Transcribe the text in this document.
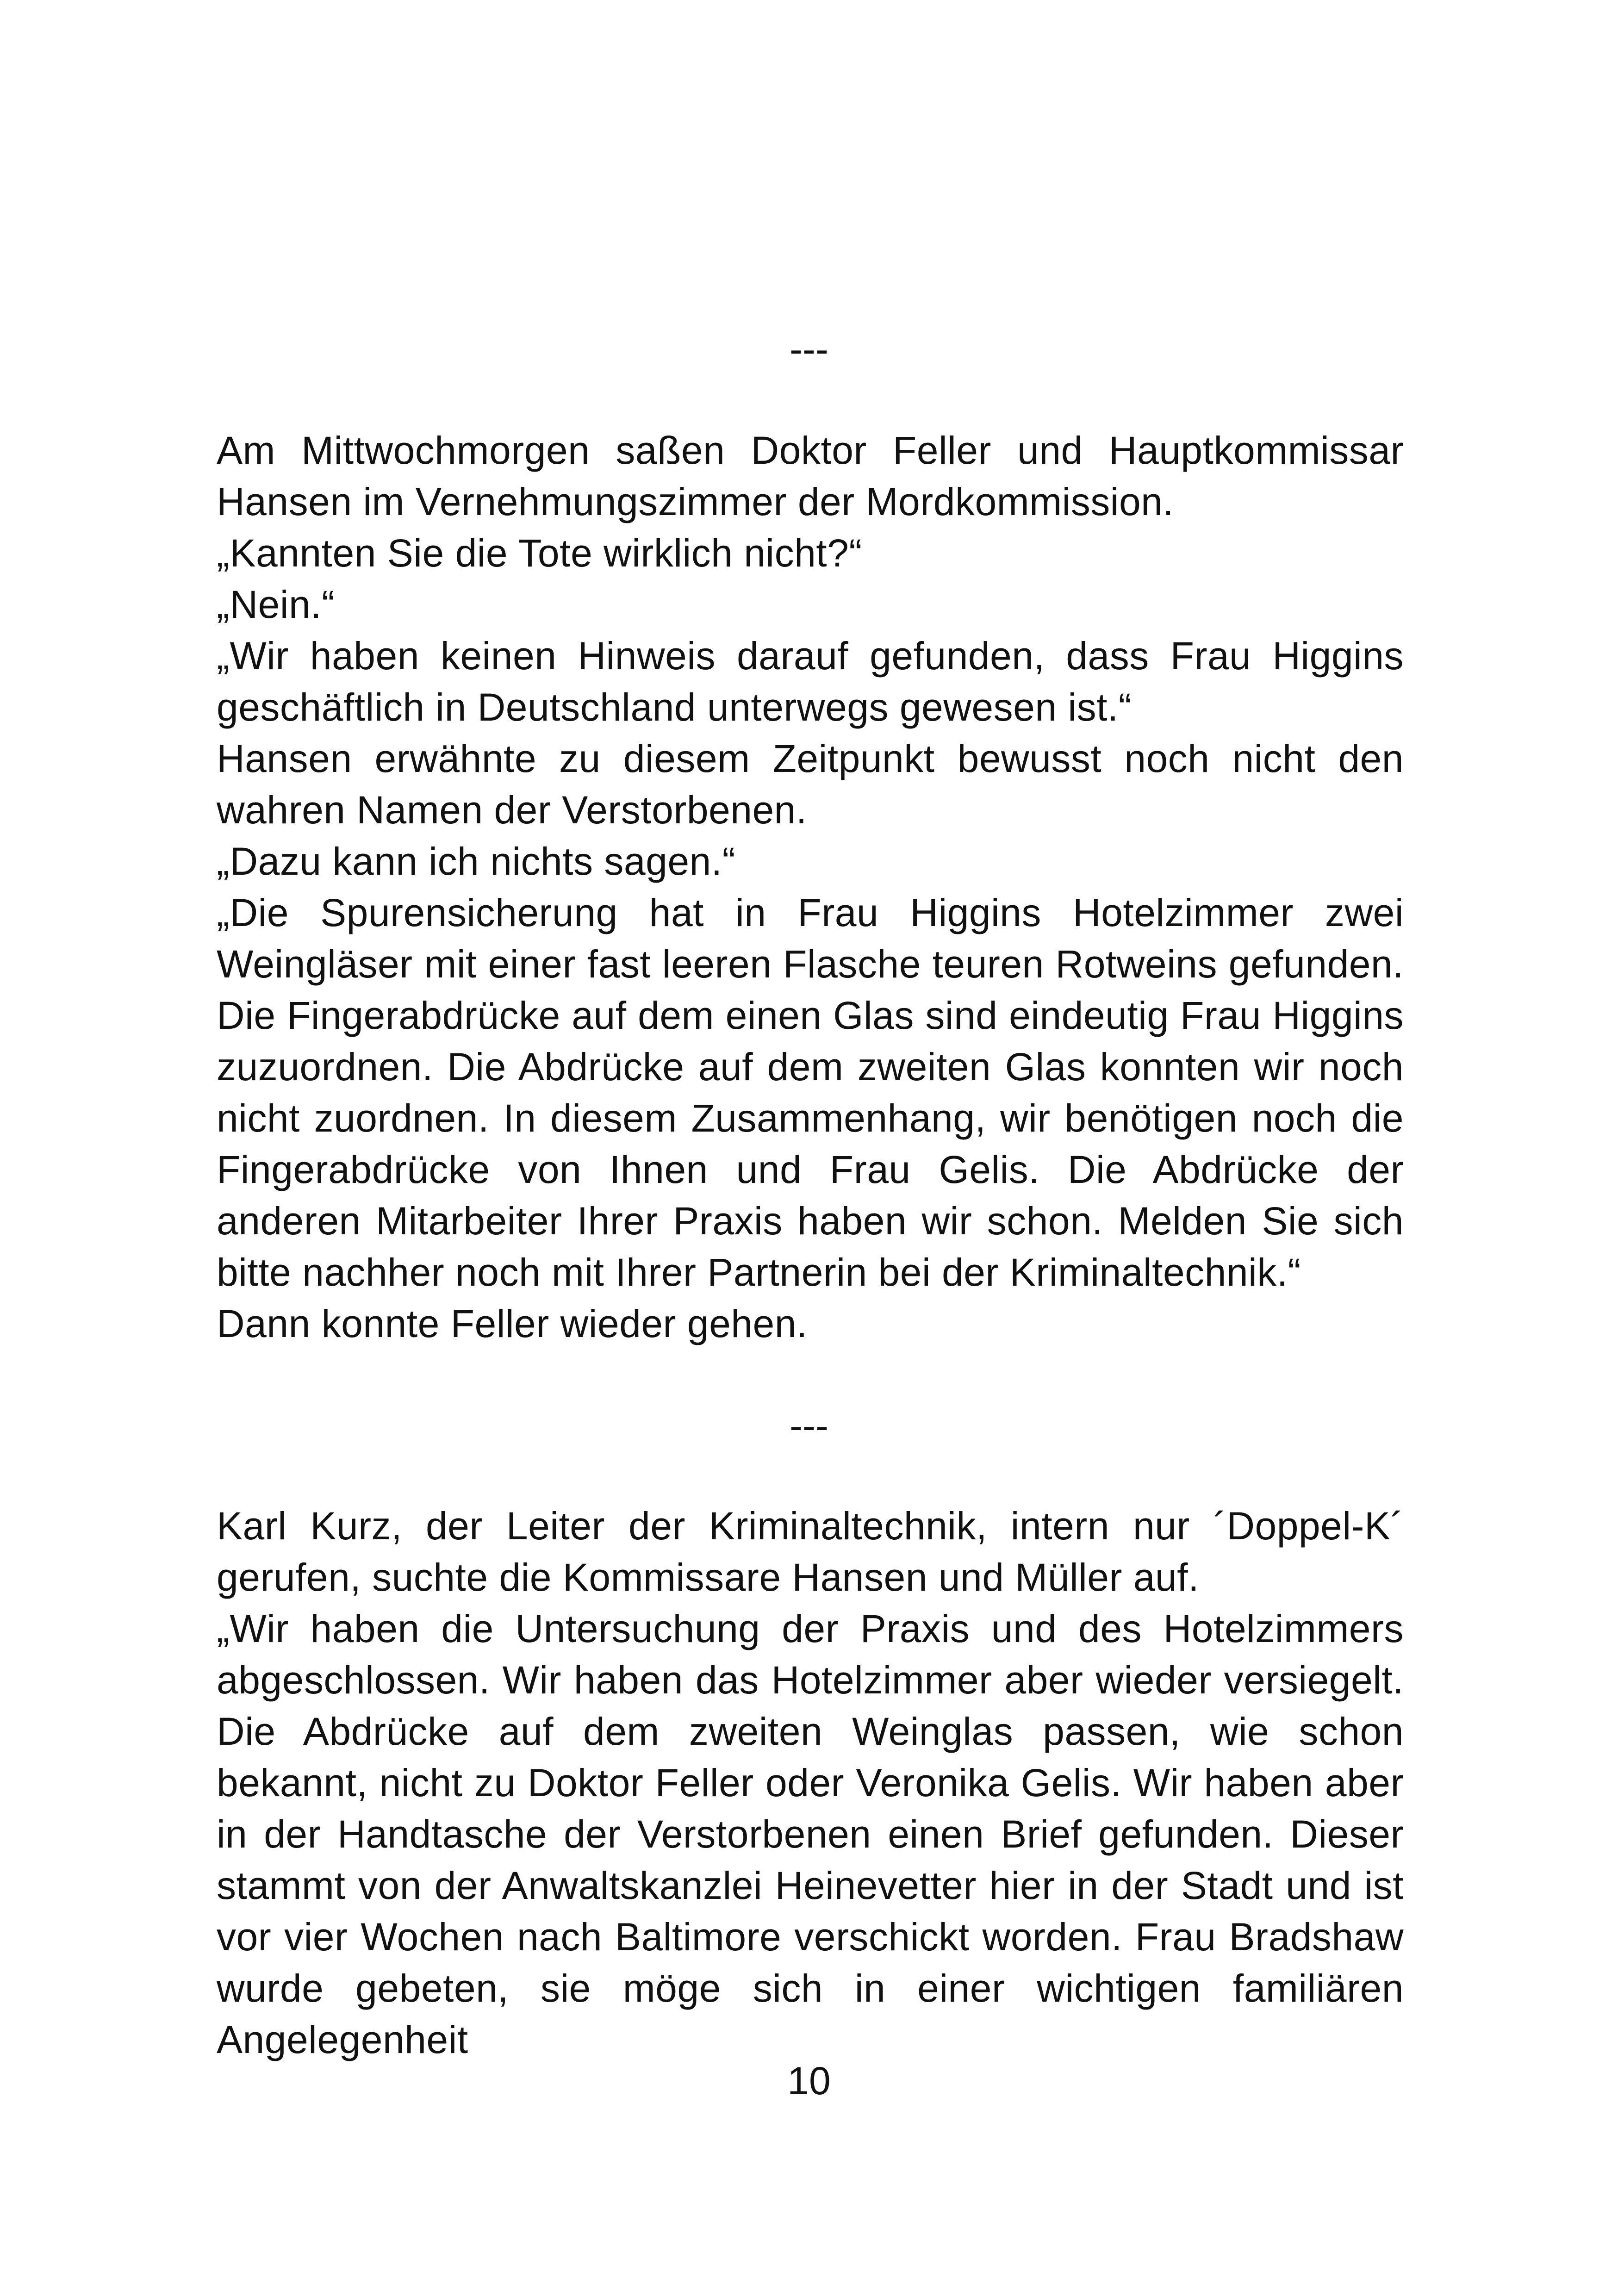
---

Am Mittwochmorgen saßen Doktor Feller und Hauptkommissar Hansen im Vernehmungszimmer der Mordkommission.

„Kannten Sie die Tote wirklich nicht?“

„Nein.“

„Wir haben keinen Hinweis darauf gefunden, dass Frau Higgins geschäftlich in Deutschland unterwegs gewesen ist.“

Hansen erwähnte zu diesem Zeitpunkt bewusst noch nicht den wahren Namen der Verstorbenen.

„Dazu kann ich nichts sagen.“

„Die Spurensicherung hat in Frau Higgins Hotelzimmer zwei Weingläser mit einer fast leeren Flasche teuren Rotweins gefunden. Die Fingerabdrücke auf dem einen Glas sind eindeutig Frau Higgins zuzuordnen. Die Abdrücke auf dem zweiten Glas konnten wir noch nicht zuordnen. In diesem Zusammenhang, wir benötigen noch die Fingerabdrücke von Ihnen und Frau Gelis. Die Abdrücke der anderen Mitarbeiter Ihrer Praxis haben wir schon. Melden Sie sich bitte nachher noch mit Ihrer Partnerin bei der Kriminaltechnik.“

Dann konnte Feller wieder gehen.

---

Karl Kurz, der Leiter der Kriminaltechnik, intern nur ´Doppel-K´ gerufen, suchte die Kommissare Hansen und Müller auf.

„Wir haben die Untersuchung der Praxis und des Hotelzimmers abgeschlossen. Wir haben das Hotelzimmer aber wieder versiegelt. Die Abdrücke auf dem zweiten Weinglas passen, wie schon bekannt, nicht zu Doktor Feller oder Veronika Gelis. Wir haben aber in der Handtasche der Verstorbenen einen Brief gefunden. Dieser stammt von der Anwaltskanzlei Heinevetter hier in der Stadt und ist vor vier Wochen nach Baltimore verschickt worden. Frau Bradshaw wurde gebeten, sie möge sich in einer wichtigen familiären Angelegenheit

10
